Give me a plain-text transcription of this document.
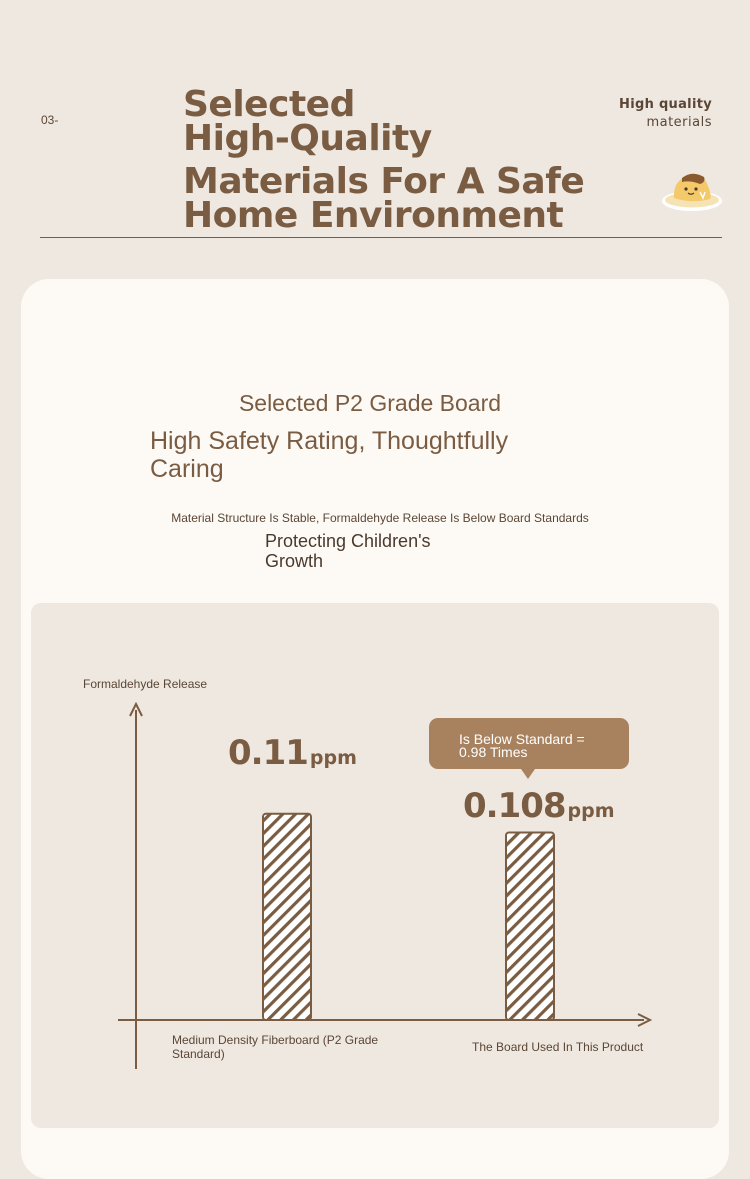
03-	Selected
High-Quality
Materials For A Safe
Home Environment
High quality
materials
Selected P2 Grade Board
High Safety Rating, Thoughtfully
Caring
Material Structure Is Stable, Formaldehyde Release Is Below Board Standards
Protecting Children's
Growth
Formaldehyde Release
0.11 ppm
0.108 ppm
Is Below Standard =
0.98 Times
Medium Density Fiberboard (P2 Grade
Standard)	The Board Used In This Product
